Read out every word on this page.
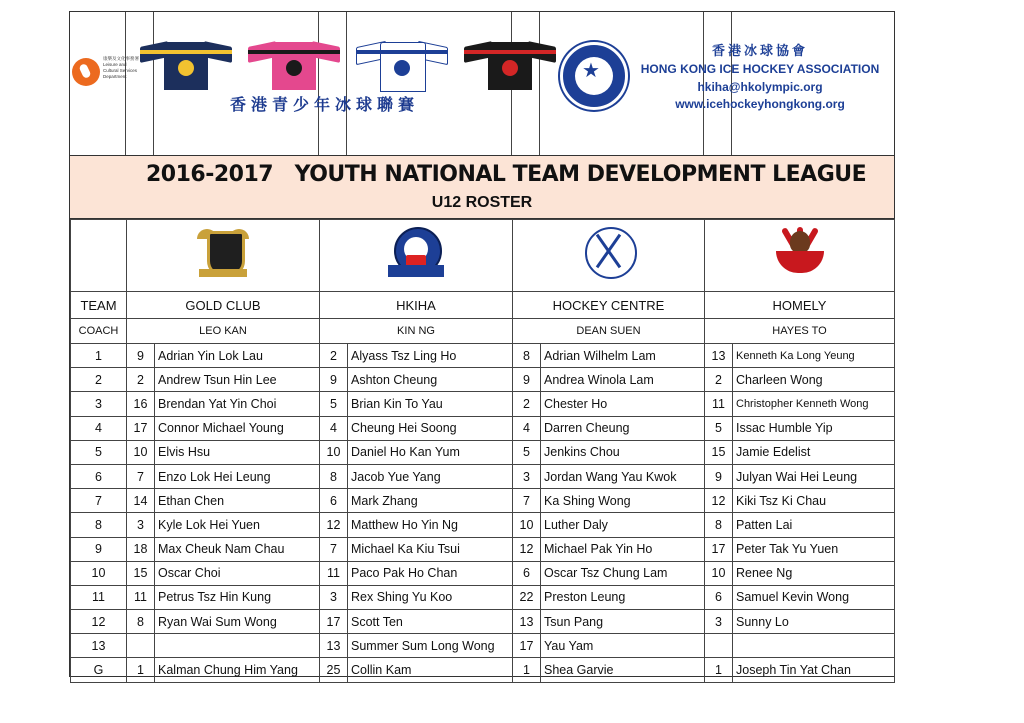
康樂及文化事務署 Leisure and Cultural Services Department
香港青少年冰球聯賽
★
香港冰球協會
HONG KONG ICE HOCKEY ASSOCIATION
hkiha@hkolympic.org
www.icehockeyhongkong.org
2016-2017   YOUTH NATIONAL TEAM DEVELOPMENT LEAGUE
U12 ROSTER

TEAM	GOLD CLUB		HKIHA		HOCKEY CENTRE		HOMELY	
COACH	LEO KAN		KIN NG		DEAN SUEN		HAYES TO	
1	9	Adrian Yin Lok Lau	2	Alyass Tsz Ling Ho	8	Adrian Wilhelm Lam	13	Kenneth Ka Long Yeung
2	2	Andrew Tsun Hin Lee	9	Ashton Cheung	9	Andrea Winola Lam	2	Charleen Wong
3	16	Brendan Yat Yin Choi	5	Brian Kin To Yau	2	Chester Ho	11	Christopher Kenneth Wong
4	17	Connor Michael Young	4	Cheung Hei Soong	4	Darren Cheung	5	Issac Humble Yip
5	10	Elvis Hsu	10	Daniel Ho Kan Yum	5	Jenkins Chou	15	Jamie Edelist
6	7	Enzo Lok Hei Leung	8	Jacob Yue Yang	3	Jordan Wang Yau Kwok	9	Julyan Wai Hei Leung
7	14	Ethan Chen	6	Mark Zhang	7	Ka Shing Wong	12	Kiki Tsz Ki Chau
8	3	Kyle Lok Hei Yuen	12	Matthew Ho Yin Ng	10	Luther Daly	8	Patten Lai
9	18	Max Cheuk Nam Chau	7	Michael Ka Kiu Tsui	12	Michael Pak Yin Ho	17	Peter Tak Yu Yuen
10	15	Oscar Choi	11	Paco Pak Ho Chan	6	Oscar Tsz Chung Lam	10	Renee Ng
11	11	Petrus Tsz Hin Kung	3	Rex Shing Yu Koo	22	Preston Leung	6	Samuel Kevin Wong
12	8	Ryan Wai Sum Wong	17	Scott Ten	13	Tsun Pang	3	Sunny Lo
13			13	Summer Sum Long Wong	17	Yau Yam		
G	1	Kalman Chung Him Yang	25	Collin Kam	1	Shea Garvie	1	Joseph Tin Yat Chan
